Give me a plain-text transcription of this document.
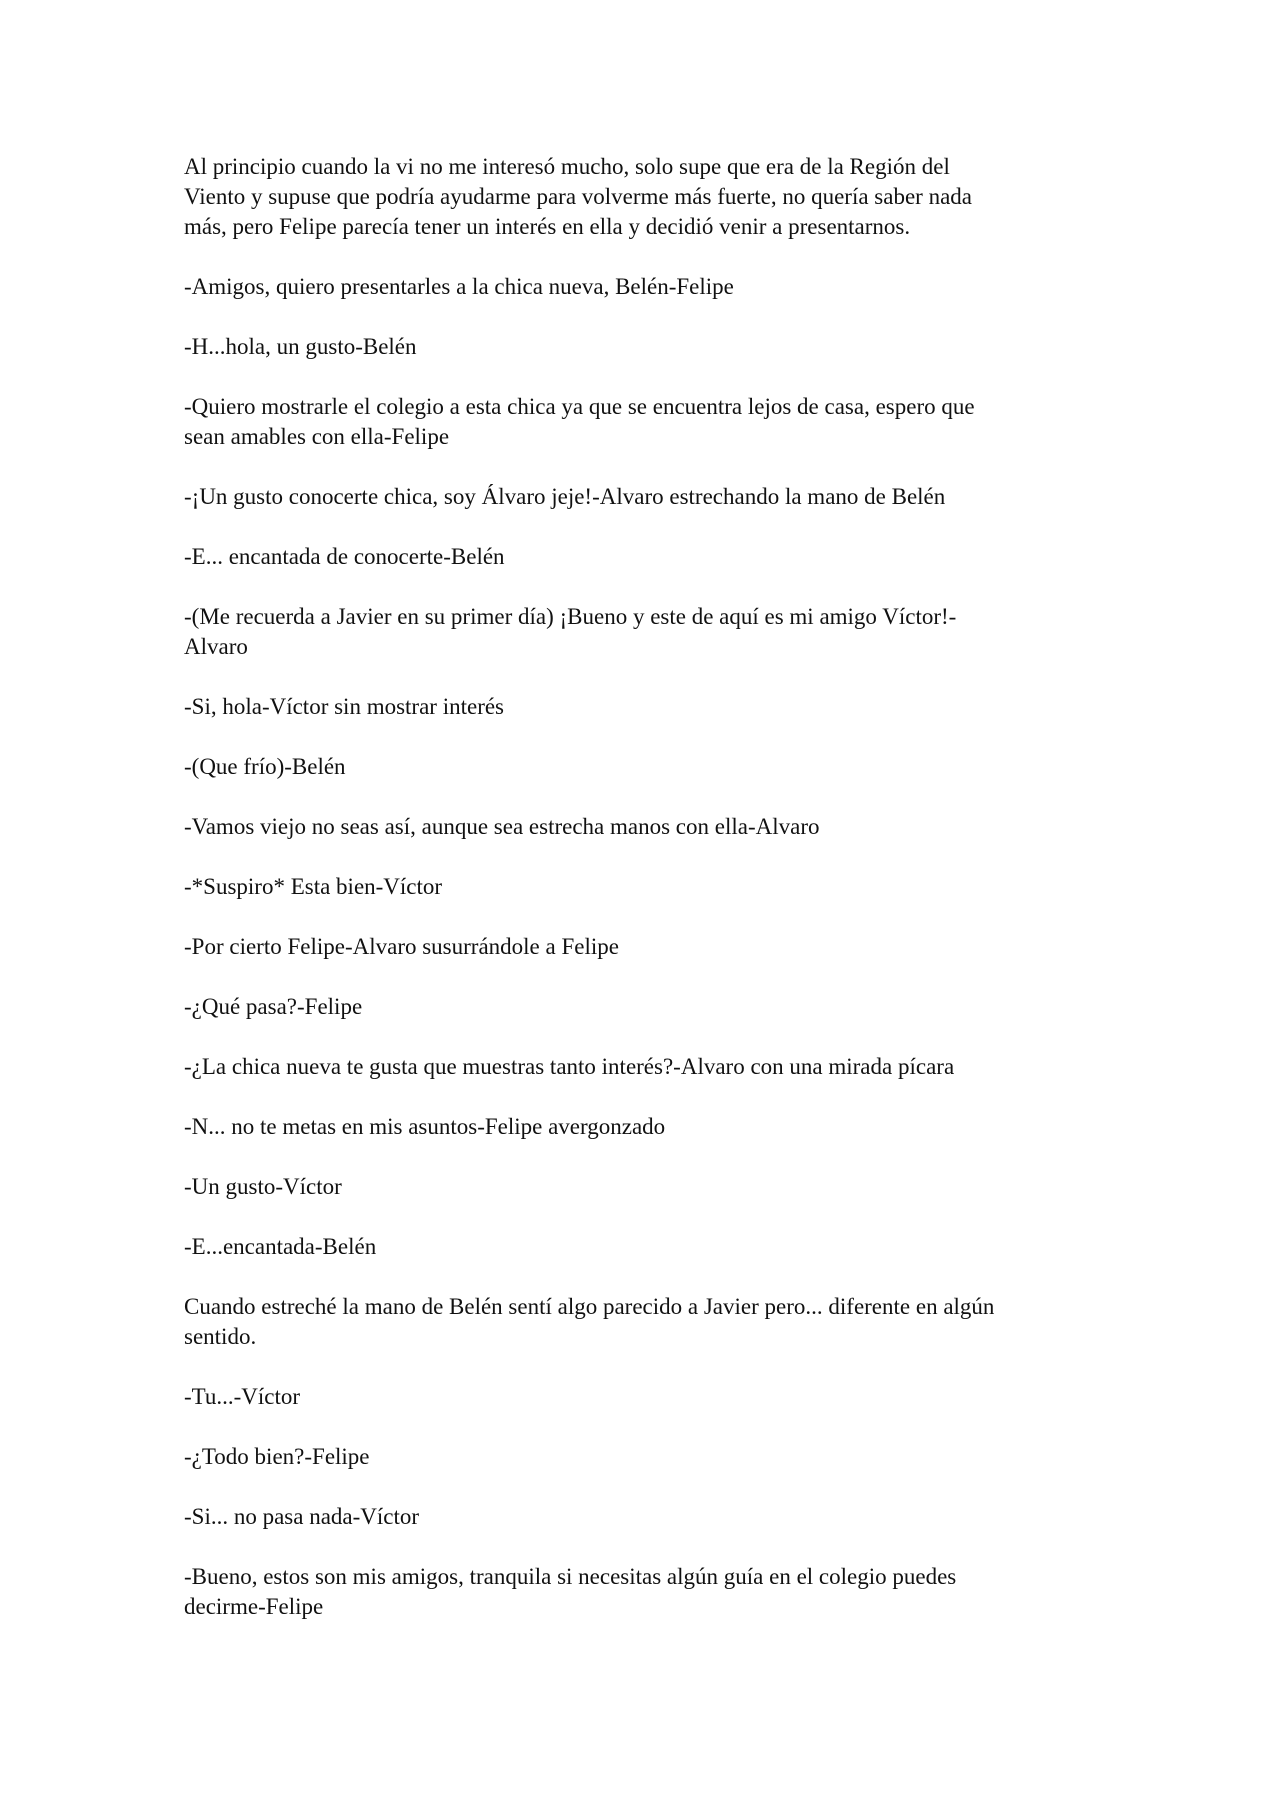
Al principio cuando la vi no me interesó mucho, solo supe que era de la Región del
Viento y supuse que podría ayudarme para volverme más fuerte, no quería saber nada
más, pero Felipe parecía tener un interés en ella y decidió venir a presentarnos.

-Amigos, quiero presentarles a la chica nueva, Belén-Felipe

-H...hola, un gusto-Belén

-Quiero mostrarle el colegio a esta chica ya que se encuentra lejos de casa, espero que
sean amables con ella-Felipe

-¡Un gusto conocerte chica, soy Álvaro jeje!-Alvaro estrechando la mano de Belén

-E... encantada de conocerte-Belén

-(Me recuerda a Javier en su primer día) ¡Bueno y este de aquí es mi amigo Víctor!-
Alvaro

-Si, hola-Víctor sin mostrar interés

-(Que frío)-Belén

-Vamos viejo no seas así, aunque sea estrecha manos con ella-Alvaro

-*Suspiro* Esta bien-Víctor

-Por cierto Felipe-Alvaro susurrándole a Felipe

-¿Qué pasa?-Felipe

-¿La chica nueva te gusta que muestras tanto interés?-Alvaro con una mirada pícara

-N... no te metas en mis asuntos-Felipe avergonzado

-Un gusto-Víctor

-E...encantada-Belén

Cuando estreché la mano de Belén sentí algo parecido a Javier pero... diferente en algún
sentido.

-Tu...-Víctor

-¿Todo bien?-Felipe

-Si... no pasa nada-Víctor

-Bueno, estos son mis amigos, tranquila si necesitas algún guía en el colegio puedes
decirme-Felipe
